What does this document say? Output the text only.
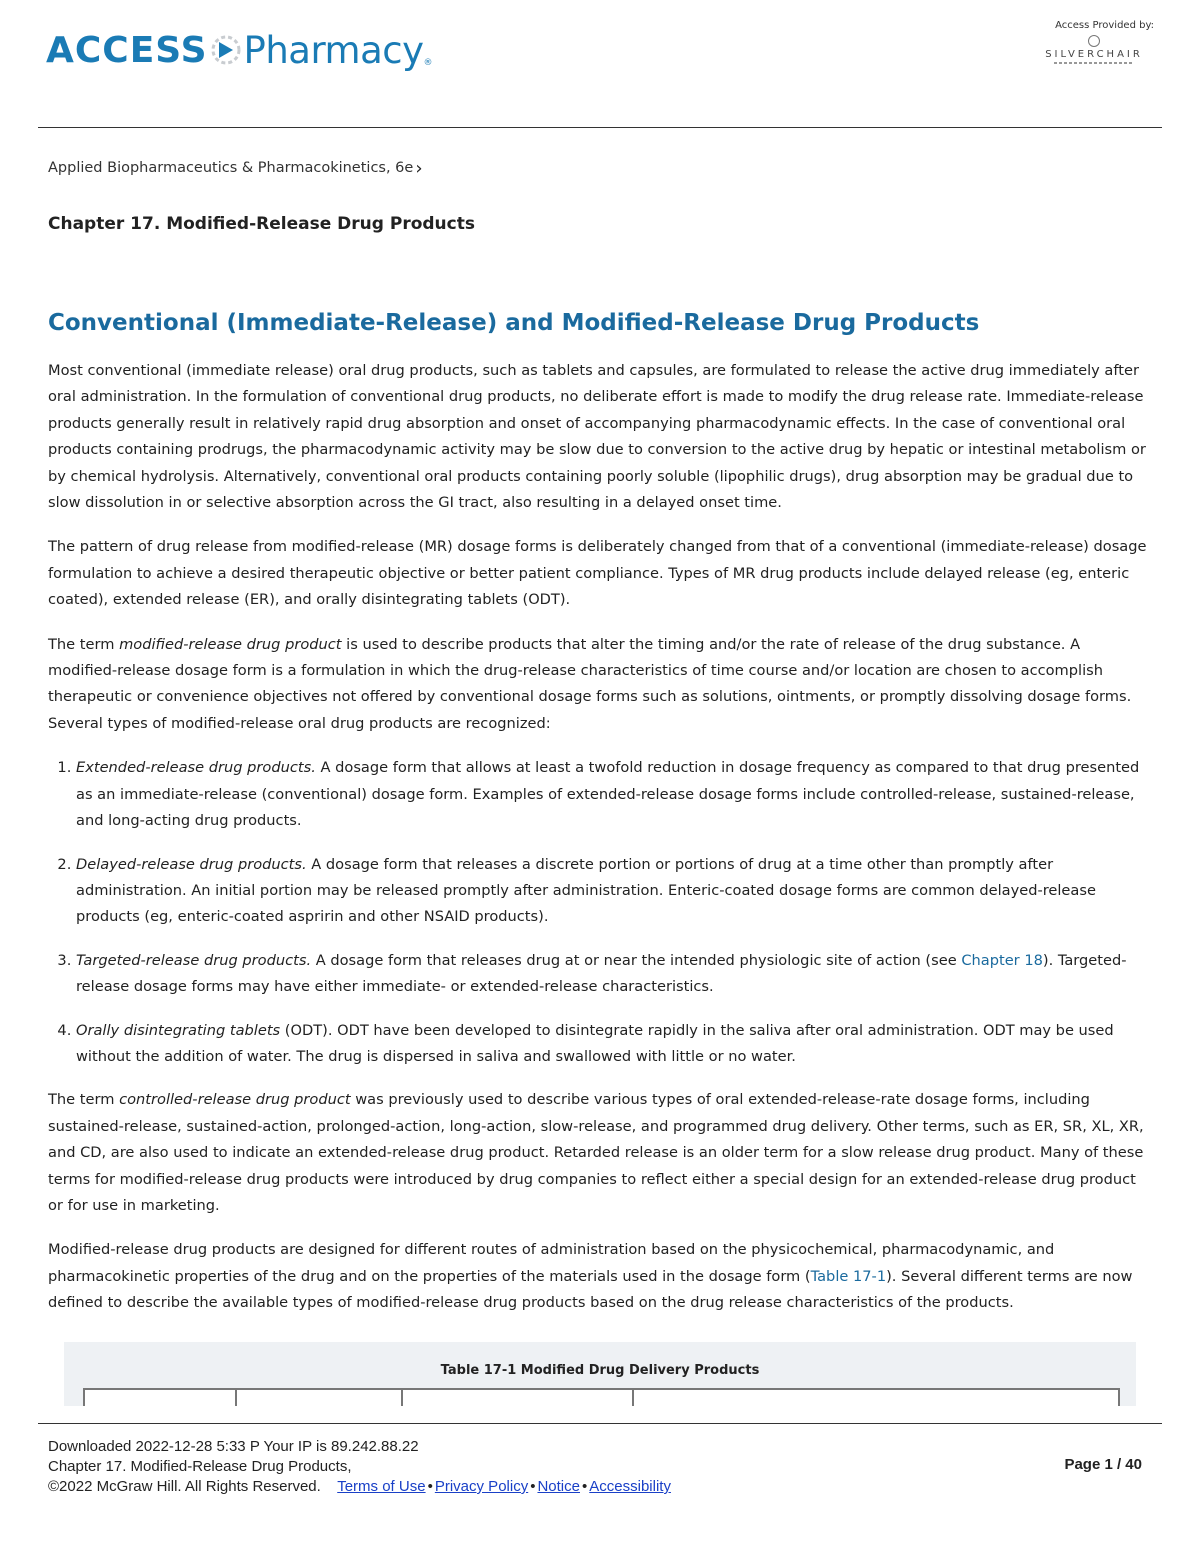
ACCESS Pharmacy ®
Access Provided by:
SILVERCHAIR
Applied Biopharmaceutics & Pharmacokinetics, 6e ›
Chapter 17. Modified-Release Drug Products
Conventional (Immediate-Release) and Modified-Release Drug Products

Most conventional (immediate release) oral drug products, such as tablets and capsules, are formulated to release the active drug immediately after oral administration. In the formulation of conventional drug products, no deliberate effort is made to modify the drug release rate. Immediate-release products generally result in relatively rapid drug absorption and onset of accompanying pharmacodynamic effects. In the case of conventional oral products containing prodrugs, the pharmacodynamic activity may be slow due to conversion to the active drug by hepatic or intestinal metabolism or by chemical hydrolysis. Alternatively, conventional oral products containing poorly soluble (lipophilic drugs), drug absorption may be gradual due to slow dissolution in or selective absorption across the GI tract, also resulting in a delayed onset time.

The pattern of drug release from modified-release (MR) dosage forms is deliberately changed from that of a conventional (immediate-release) dosage formulation to achieve a desired therapeutic objective or better patient compliance. Types of MR drug products include delayed release (eg, enteric coated), extended release (ER), and orally disintegrating tablets (ODT).

The term modified-release drug product is used to describe products that alter the timing and/or the rate of release of the drug substance. A modified-release dosage form is a formulation in which the drug-release characteristics of time course and/or location are chosen to accomplish therapeutic or convenience objectives not offered by conventional dosage forms such as solutions, ointments, or promptly dissolving dosage forms. Several types of modified-release oral drug products are recognized:

1. Extended-release drug products. A dosage form that allows at least a twofold reduction in dosage frequency as compared to that drug presented as an immediate-release (conventional) dosage form. Examples of extended-release dosage forms include controlled-release, sustained-release, and long-acting drug products.
2. Delayed-release drug products. A dosage form that releases a discrete portion or portions of drug at a time other than promptly after administration. An initial portion may be released promptly after administration. Enteric-coated dosage forms are common delayed-release products (eg, enteric-coated aspririn and other NSAID products).
3. Targeted-release drug products. A dosage form that releases drug at or near the intended physiologic site of action (see Chapter 18). Targeted-release dosage forms may have either immediate- or extended-release characteristics.
4. Orally disintegrating tablets (ODT). ODT have been developed to disintegrate rapidly in the saliva after oral administration. ODT may be used without the addition of water. The drug is dispersed in saliva and swallowed with little or no water.

The term controlled-release drug product was previously used to describe various types of oral extended-release-rate dosage forms, including sustained-release, sustained-action, prolonged-action, long-action, slow-release, and programmed drug delivery. Other terms, such as ER, SR, XL, XR, and CD, are also used to indicate an extended-release drug product. Retarded release is an older term for a slow release drug product. Many of these terms for modified-release drug products were introduced by drug companies to reflect either a special design for an extended-release drug product or for use in marketing.

Modified-release drug products are designed for different routes of administration based on the physicochemical, pharmacodynamic, and pharmacokinetic properties of the drug and on the properties of the materials used in the dosage form (Table 17-1). Several different terms are now defined to describe the available types of modified-release drug products based on the drug release characteristics of the products.

Table 17-1 Modified Drug Delivery Products
Downloaded 2022-12-28 5:33 P Your IP is 89.242.88.22
Chapter 17. Modified-Release Drug Products,
©2022 McGraw Hill. All Rights Reserved. Terms of Use • Privacy Policy • Notice • Accessibility
Page 1 / 40
